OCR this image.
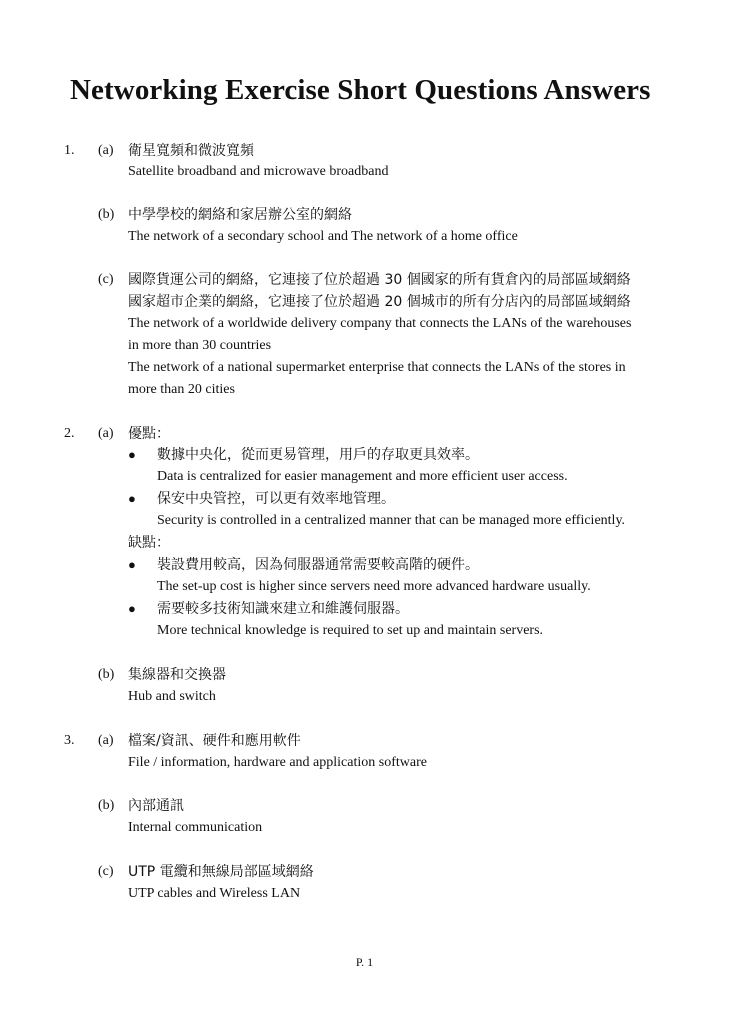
Networking Exercise Short Questions Answers
1. (a) 衛星寬頻和微波寬頻
Satellite broadband and microwave broadband
(b) 中學學校的網絡和家居辦公室的網絡
The network of a secondary school and The network of a home office
(c) 國際貨運公司的網絡，它連接了位於超過 30 個國家的所有貨倉內的局部區域網絡
國家超市企業的網絡，它連接了位於超過 20 個城市的所有分店內的局部區域網絡
The network of a worldwide delivery company that connects the LANs of the warehouses
in more than 30 countries
The network of a national supermarket enterprise that connects the LANs of the stores in
more than 20 cities
2. (a) 優點：
● 數據中央化，從而更易管理，用戶的存取更具效率。
Data is centralized for easier management and more efficient user access.
● 保安中央管控，可以更有效率地管理。
Security is controlled in a centralized manner that can be managed more efficiently.
缺點：
● 裝設費用較高，因為伺服器通常需要較高階的硬件。
The set-up cost is higher since servers need more advanced hardware usually.
● 需要較多技術知識來建立和維護伺服器。
More technical knowledge is required to set up and maintain servers.
(b) 集線器和交換器
Hub and switch
3. (a) 檔案/資訊、硬件和應用軟件
File / information, hardware and application software
(b) 內部通訊
Internal communication
(c) UTP 電纜和無線局部區域網絡
UTP cables and Wireless LAN
P. 1
